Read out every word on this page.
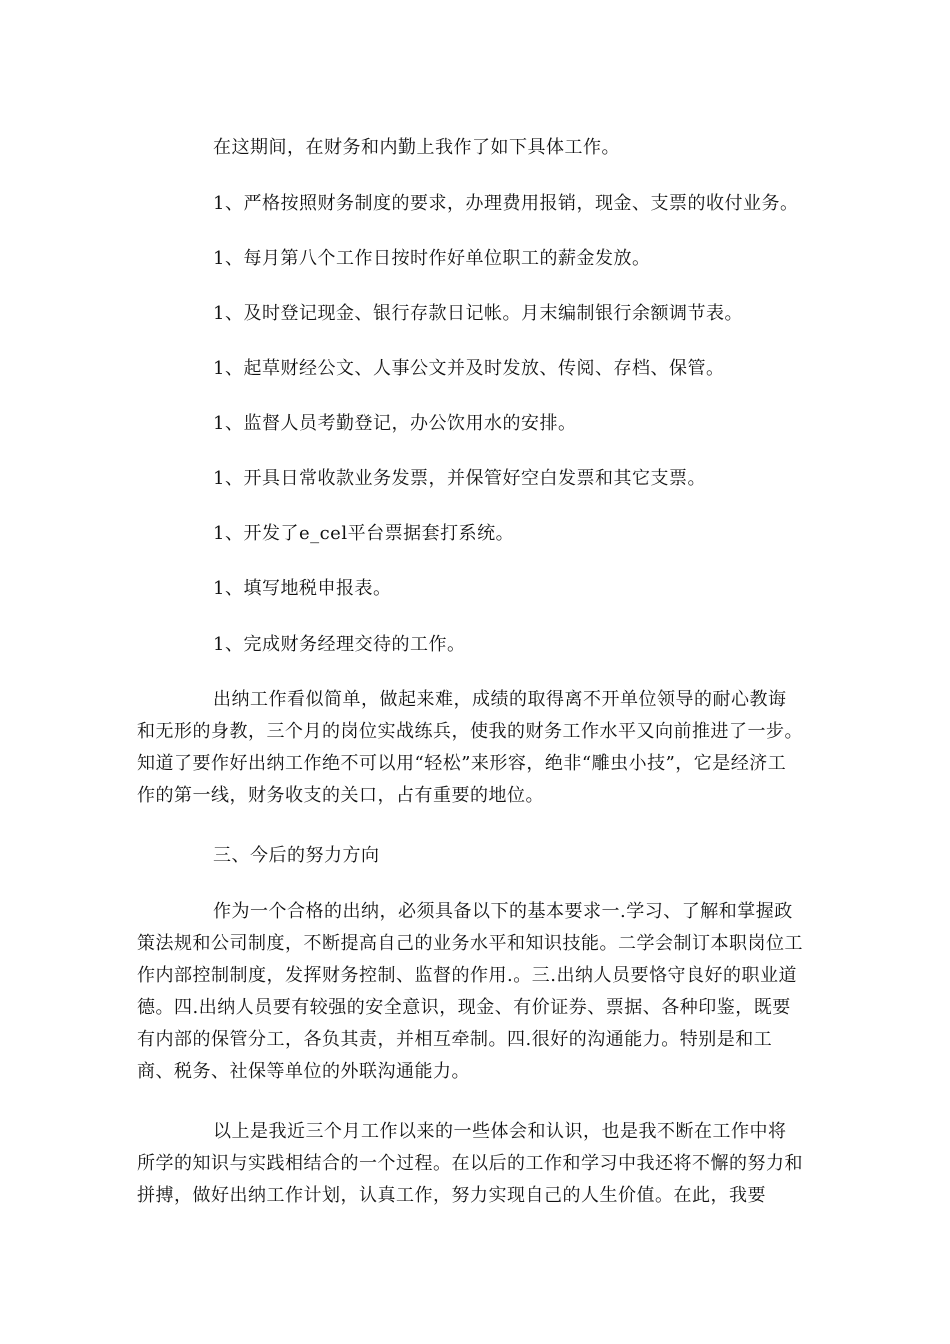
在这期间，在财务和内勤上我作了如下具体工作。

1、严格按照财务制度的要求，办理费用报销，现金、支票的收付业务。

1、每月第八个工作日按时作好单位职工的薪金发放。

1、及时登记现金、银行存款日记帐。月末编制银行余额调节表。

1、起草财经公文、人事公文并及时发放、传阅、存档、保管。

1、监督人员考勤登记，办公饮用水的安排。

1、开具日常收款业务发票，并保管好空白发票和其它支票。

1、开发了e_cel平台票据套打系统。

1、填写地税申报表。

1、完成财务经理交待的工作。

出纳工作看似简单，做起来难，成绩的取得离不开单位领导的耐心教诲和无形的身教，三个月的岗位实战练兵，使我的财务工作水平又向前推进了一步。知道了要作好出纳工作绝不可以用“轻松”来形容，绝非“雕虫小技”，它是经济工作的第一线，财务收支的关口，占有重要的地位。

三、今后的努力方向

作为一个合格的出纳，必须具备以下的基本要求一.学习、了解和掌握政策法规和公司制度，不断提高自己的业务水平和知识技能。二学会制订本职岗位工作内部控制制度，发挥财务控制、监督的作用.。三.出纳人员要恪守良好的职业道德。四.出纳人员要有较强的安全意识，现金、有价证券、票据、各种印鉴，既要有内部的保管分工，各负其责，并相互牵制。四.很好的沟通能力。特别是和工商、税务、社保等单位的外联沟通能力。

以上是我近三个月工作以来的一些体会和认识，也是我不断在工作中将所学的知识与实践相结合的一个过程。在以后的工作和学习中我还将不懈的努力和拼搏，做好出纳工作计划，认真工作，努力实现自己的人生价值。在此，我要
